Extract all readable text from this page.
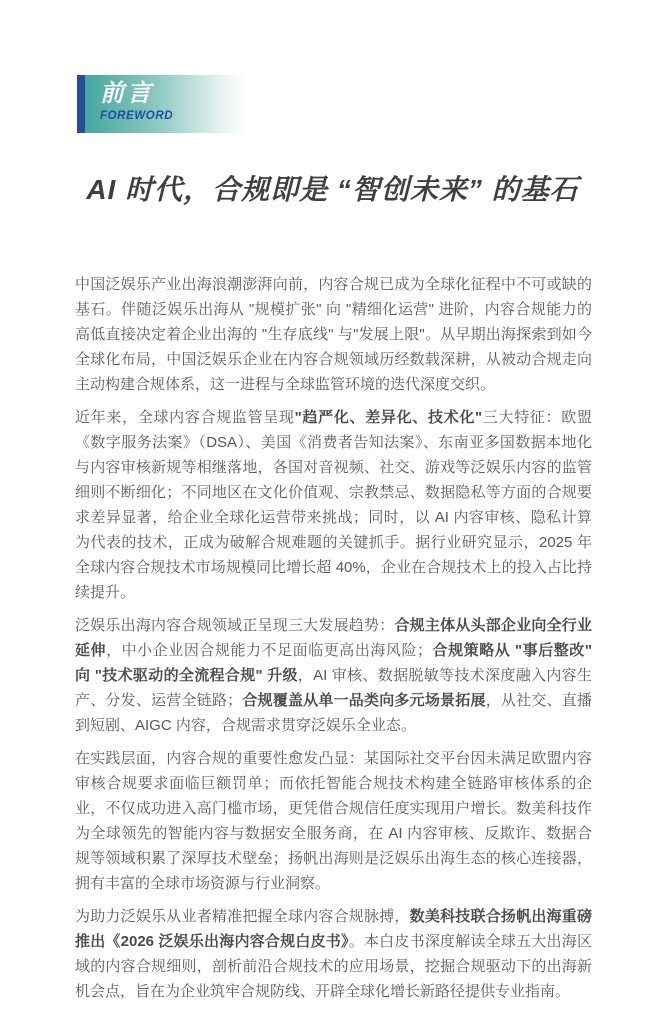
前言
FOREWORD
AI 时代，合规即是 “智创未来” 的基石

中国泛娱乐产业出海浪潮澎湃向前，内容合规已成为全球化征程中不可或缺的基石。伴随泛娱乐出海从 "规模扩张" 向 "精细化运营" 进阶，内容合规能力的高低直接决定着企业出海的 "生存底线" 与"发展上限"。从早期出海探索到如今全球化布局，中国泛娱乐企业在内容合规领域历经数载深耕，从被动合规走向主动构建合规体系，这一进程与全球监管环境的迭代深度交织。

近年来，全球内容合规监管呈现"趋严化、差异化、技术化"三大特征：欧盟《数字服务法案》（DSA）、美国《消费者告知法案》、东南亚多国数据本地化与内容审核新规等相继落地，各国对音视频、社交、游戏等泛娱乐内容的监管细则不断细化；不同地区在文化价值观、宗教禁忌、数据隐私等方面的合规要求差异显著，给企业全球化运营带来挑战；同时，以 AI 内容审核、隐私计算为代表的技术，正成为破解合规难题的关键抓手。据行业研究显示，2025 年全球内容合规技术市场规模同比增长超 40%，企业在合规技术上的投入占比持续提升。

泛娱乐出海内容合规领域正呈现三大发展趋势：合规主体从头部企业向全行业延伸，中小企业因合规能力不足面临更高出海风险；合规策略从 "事后整改" 向 "技术驱动的全流程合规" 升级，AI 审核、数据脱敏等技术深度融入内容生产、分发、运营全链路；合规覆盖从单一品类向多元场景拓展，从社交、直播到短剧、AIGC 内容，合规需求贯穿泛娱乐全业态。

在实践层面，内容合规的重要性愈发凸显：某国际社交平台因未满足欧盟内容审核合规要求面临巨额罚单；而依托智能合规技术构建全链路审核体系的企业，不仅成功进入高门槛市场，更凭借合规信任度实现用户增长。数美科技作为全球领先的智能内容与数据安全服务商，在 AI 内容审核、反欺诈、数据合规等领域积累了深厚技术壁垒；扬帆出海则是泛娱乐出海生态的核心连接器，拥有丰富的全球市场资源与行业洞察。

为助力泛娱乐从业者精准把握全球内容合规脉搏，数美科技联合扬帆出海重磅推出《2026 泛娱乐出海内容合规白皮书》。本白皮书深度解读全球五大出海区域的内容合规细则，剖析前沿合规技术的应用场景，挖掘合规驱动下的出海新机会点，旨在为企业筑牢合规防线、开辟全球化增长新路径提供专业指南。
